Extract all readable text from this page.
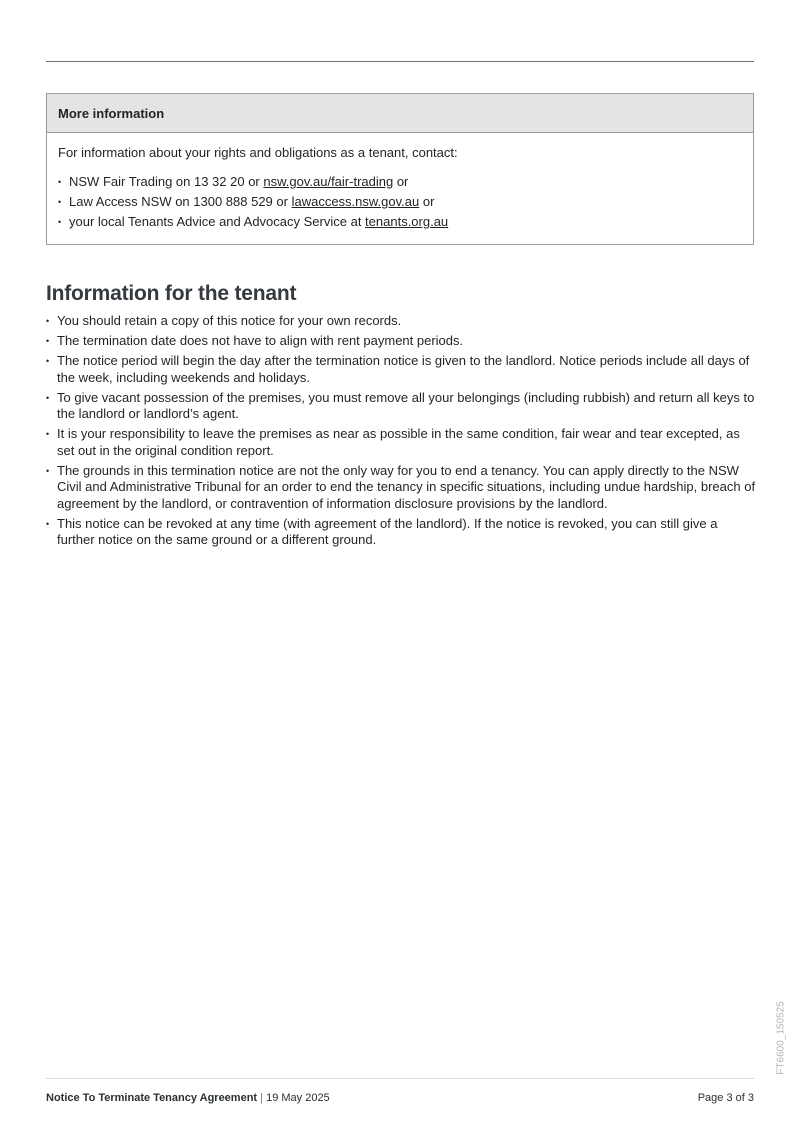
More information

For information about your rights and obligations as a tenant, contact:

• NSW Fair Trading on 13 32 20 or nsw.gov.au/fair-trading or
• Law Access NSW on 1300 888 529 or lawaccess.nsw.gov.au or
• your local Tenants Advice and Advocacy Service at tenants.org.au
Information for the tenant
• You should retain a copy of this notice for your own records.
• The termination date does not have to align with rent payment periods.
• The notice period will begin the day after the termination notice is given to the landlord. Notice periods include all days of the week, including weekends and holidays.
• To give vacant possession of the premises, you must remove all your belongings (including rubbish) and return all keys to the landlord or landlord’s agent.
• It is your responsibility to leave the premises as near as possible in the same condition, fair wear and tear excepted, as set out in the original condition report.
• The grounds in this termination notice are not the only way for you to end a tenancy. You can apply directly to the NSW Civil and Administrative Tribunal for an order to end the tenancy in specific situations, including undue hardship, breach of agreement by the landlord, or contravention of information disclosure provisions by the landlord.
• This notice can be revoked at any time (with agreement of the landlord). If the notice is revoked, you can still give a further notice on the same ground or a different ground.
FT6600_150525
Notice To Terminate Tenancy Agreement | 19 May 2025	Page 3 of 3
